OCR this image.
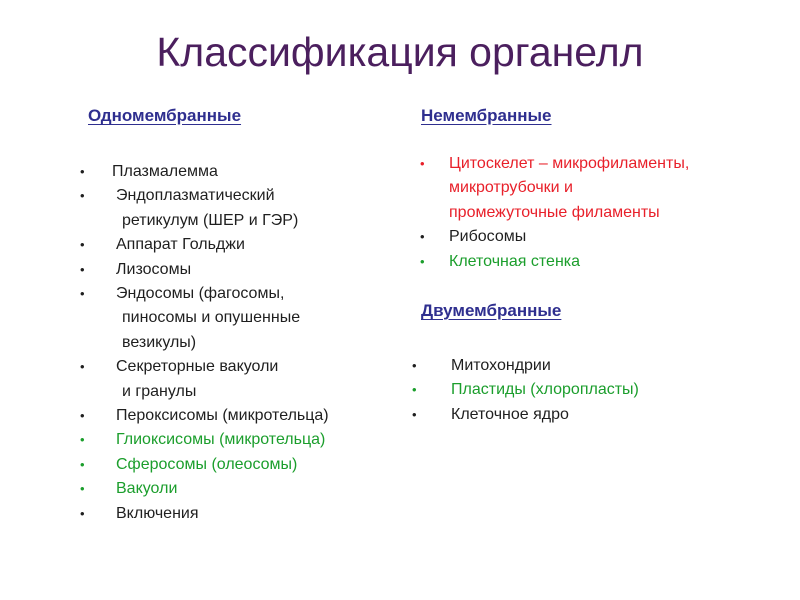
Классификация органелл
Одномембранные	Немембранные
Двумембранные
• Плазмалемма
• Эндоплазматический
ретикулум (ШЕР и ГЭР)
• Аппарат Гольджи
• Лизосомы
• Эндосомы (фагосомы,
пиносомы и опушенные
везикулы)
• Секреторные вакуоли
и гранулы
• Пероксисомы (микротельца)
• Глиоксисомы (микротельца)
• Сферосомы (олеосомы)
• Вакуоли
• Включения
• Цитоскелет – микрофиламенты,
микротрубочки и
промежуточные филаменты
• Рибосомы
• Клеточная стенка
• Митохондрии
• Пластиды (хлоропласты)
• Клеточное ядро
